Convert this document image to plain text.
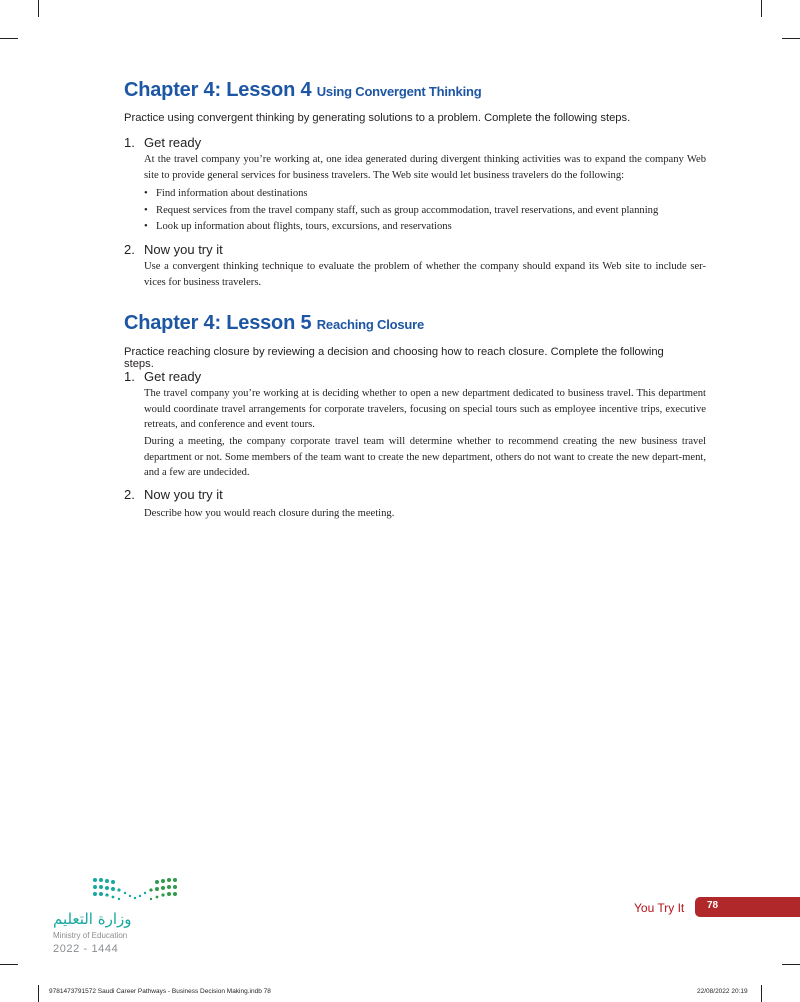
Chapter 4: Lesson 4 Using Convergent Thinking

Practice using convergent thinking by generating solutions to a problem. Complete the following steps.

1. Get ready

At the travel company you’re working at, one idea generated during divergent thinking activities was to expand the company Web site to provide general services for business travelers. The Web site would let business travelers do the following:

• Find information about destinations
• Request services from the travel company staff, such as group accommodation, travel reservations, and event planning
• Look up information about flights, tours, excursions, and reservations

2. Now you try it

Use a convergent thinking technique to evaluate the problem of whether the company should expand its Web site to include ser-vices for business travelers.

Chapter 4: Lesson 5 Reaching Closure

Practice reaching closure by reviewing a decision and choosing how to reach closure. Complete the following steps.

1. Get ready

The travel company you’re working at is deciding whether to open a new department dedicated to business travel. This department would coordinate travel arrangements for corporate travelers, focusing on special tours such as employee incentive trips, executive retreats, and conference and event tours.

During a meeting, the company corporate travel team will determine whether to recommend creating the new business travel department or not. Some members of the team want to create the new department, others do not want to create the new depart-ment, and a few are undecided.

2. Now you try it

Describe how you would reach closure during the meeting.

وزارة التعليم

Ministry of Education

2022 - 1444

You Try It 78

9781473791572 Saudi Career Pathways - Business Decision Making.indb 78	22/08/2022 20:19
